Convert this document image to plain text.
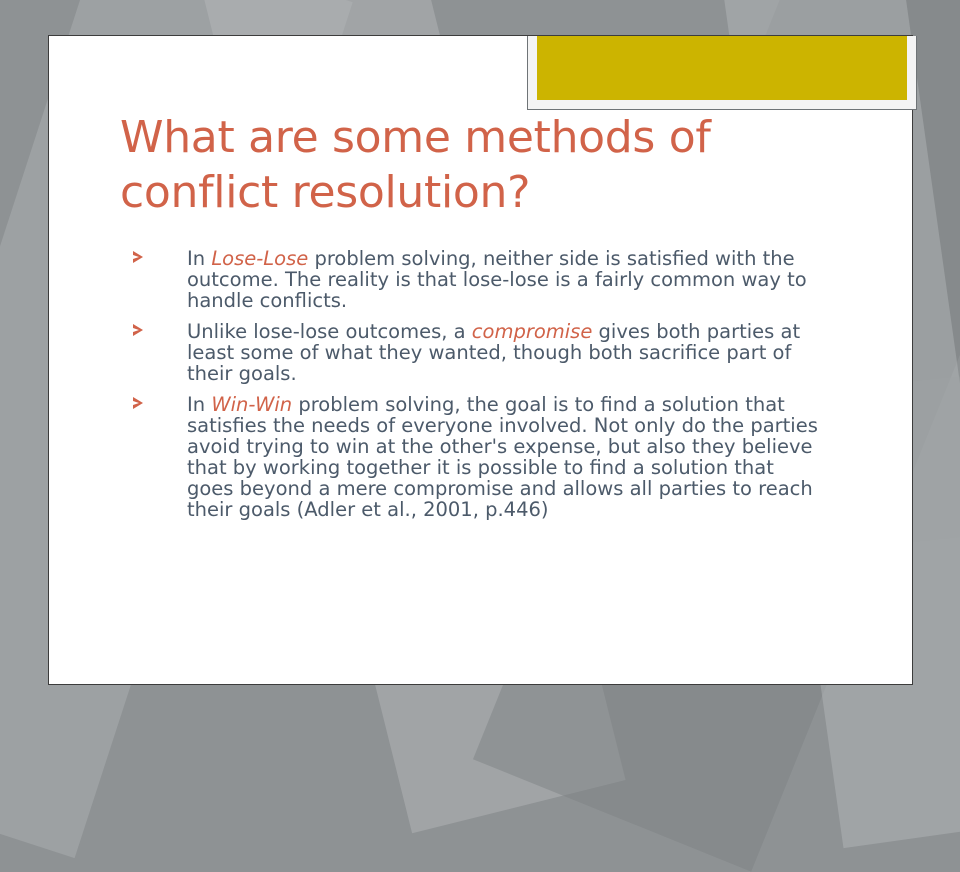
What are some methods of conflict resolution?
In Lose-Lose problem solving, neither side is satisfied with the outcome. The reality is that lose-lose is a fairly common way to handle conflicts.
Unlike lose-lose outcomes, a compromise gives both parties at least some of what they wanted, though both sacrifice part of their goals.
In Win-Win problem solving, the goal is to find a solution that satisfies the needs of everyone involved. Not only do the parties avoid trying to win at the other's expense, but also they believe that by working together it is possible to find a solution that goes beyond a mere compromise and allows all parties to reach their goals (Adler et al., 2001, p.446)
